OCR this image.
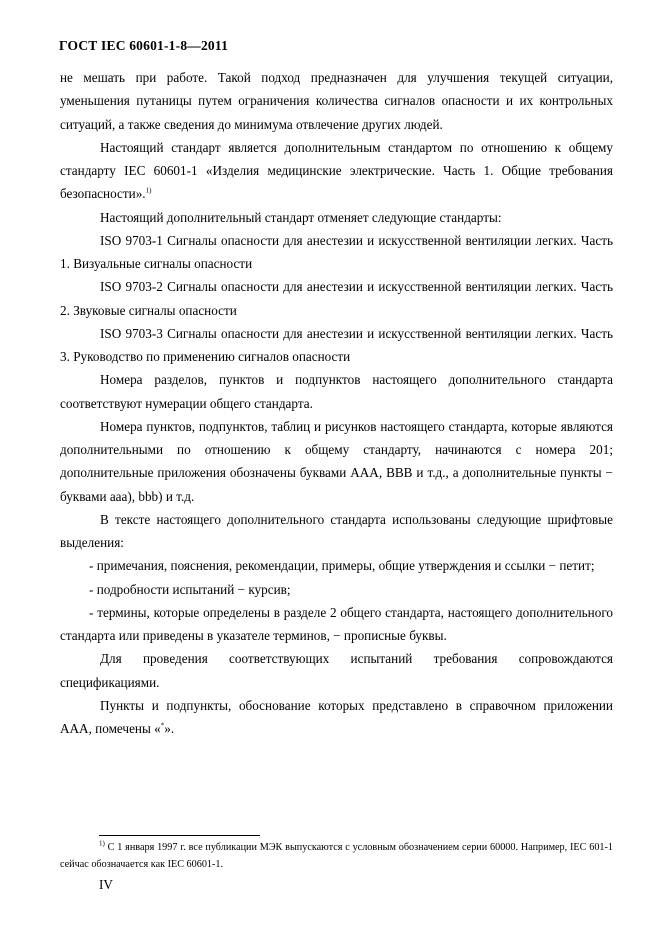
ГОСТ IEC 60601-1-8—2011

не мешать при работе. Такой подход предназначен для улучшения текущей ситуации, уменьшения путаницы путем ограничения количества сигналов опасности и их контрольных ситуаций, а также сведения до минимума отвлечение других людей.

Настоящий стандарт является дополнительным стандартом по отношению к общему стандарту IEC 60601-1 «Изделия медицинские электрические. Часть 1. Общие требования безопасности».$^{1)}$

Настоящий дополнительный стандарт отменяет следующие стандарты:

ISO 9703-1 Сигналы опасности для анестезии и искусственной вентиляции легких. Часть 1. Визуальные сигналы опасности

ISO 9703-2 Сигналы опасности для анестезии и искусственной вентиляции легких. Часть 2. Звуковые сигналы опасности

ISO 9703-3 Сигналы опасности для анестезии и искусственной вентиляции легких. Часть 3. Руководство по применению сигналов опасности

Номера разделов, пунктов и подпунктов настоящего дополнительного стандарта соответствуют нумерации общего стандарта.

Номера пунктов, подпунктов, таблиц и рисунков настоящего стандарта, которые являются дополнительными по отношению к общему стандарту, начинаются с номера 201; дополнительные приложения обозначены буквами ААА, ВВВ и т.д., а дополнительные пункты − буквами ааа), bbb) и т.д.

В тексте настоящего дополнительного стандарта использованы следующие шрифтовые выделения:

- примечания, пояснения, рекомендации, примеры, общие утверждения и ссылки − петит;

- подробности испытаний − курсив;

- термины, которые определены в разделе 2 общего стандарта, настоящего дополнительного стандарта или приведены в указателе терминов, − прописные буквы.

Для проведения соответствующих испытаний требования сопровождаются спецификациями.

Пункты и подпункты, обоснование которых представлено в справочном приложении ААА, помечены «*».

$^{1)}$ С 1 января 1997 г. все публикации МЭК выпускаются с условным обозначением серии 60000. Например, IEC 601-1 сейчас обозначается как IEC 60601-1.

IV
